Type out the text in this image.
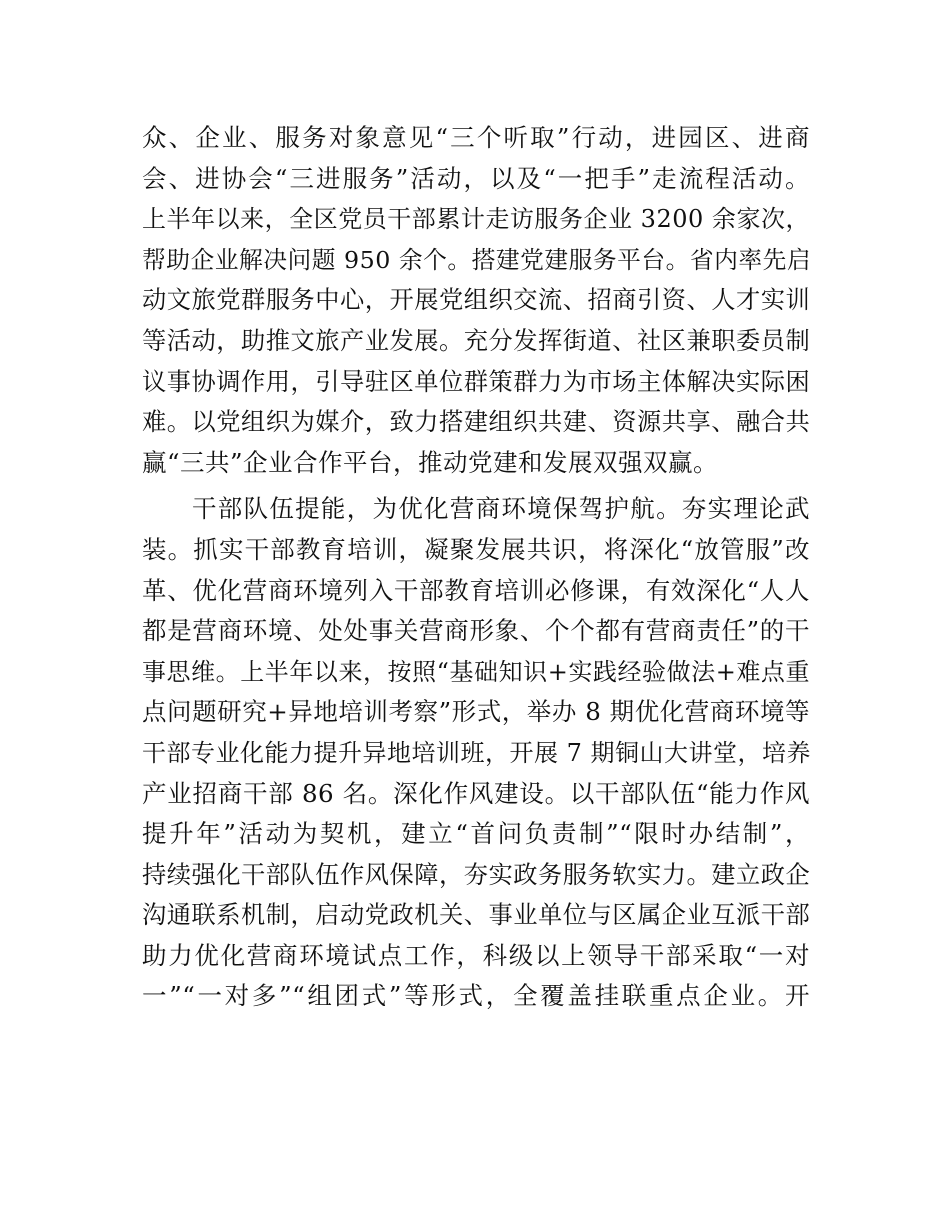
众、企业、服务对象意见“三个听取”行动，进园区、进商
会、进协会“三进服务”活动，以及“一把手”走流程活动。
上半年以来，全区党员干部累计走访服务企业 3200 余家次，
帮助企业解决问题 950 余个。搭建党建服务平台。省内率先启
动文旅党群服务中心，开展党组织交流、招商引资、人才实训
等活动，助推文旅产业发展。充分发挥街道、社区兼职委员制
议事协调作用，引导驻区单位群策群力为市场主体解决实际困
难。以党组织为媒介，致力搭建组织共建、资源共享、融合共
赢“三共”企业合作平台，推动党建和发展双强双赢。
干部队伍提能，为优化营商环境保驾护航。夯实理论武
装。抓实干部教育培训，凝聚发展共识，将深化“放管服”改
革、优化营商环境列入干部教育培训必修课，有效深化“人人
都是营商环境、处处事关营商形象、个个都有营商责任”的干
事思维。上半年以来，按照“基础知识+实践经验做法+难点重
点问题研究+异地培训考察”形式，举办 8 期优化营商环境等
干部专业化能力提升异地培训班，开展 7 期铜山大讲堂，培养
产业招商干部 86 名。深化作风建设。以干部队伍“能力作风
提升年”活动为契机，建立“首问负责制”“限时办结制”，
持续强化干部队伍作风保障，夯实政务服务软实力。建立政企
沟通联系机制，启动党政机关、事业单位与区属企业互派干部
助力优化营商环境试点工作，科级以上领导干部采取“一对
一”“一对多”“组团式”等形式，全覆盖挂联重点企业。开
